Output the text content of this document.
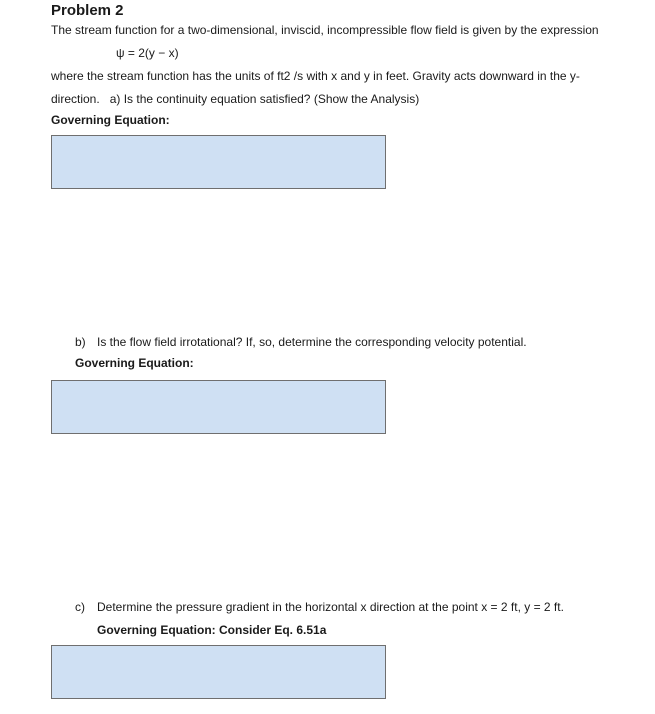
Problem 2
The stream function for a two-dimensional, inviscid, incompressible flow field is given by the expression
ψ = 2(y − x)
where the stream function has the units of ft2 /s with x and y in feet. Gravity acts downward in the y-
direction.   a) Is the continuity equation satisfied? (Show the Analysis)
Governing Equation:
b) Is the flow field irrotational? If, so, determine the corresponding velocity potential.
Governing Equation:
c) Determine the pressure gradient in the horizontal x direction at the point x = 2 ft, y = 2 ft.
Governing Equation: Consider Eq. 6.51a
